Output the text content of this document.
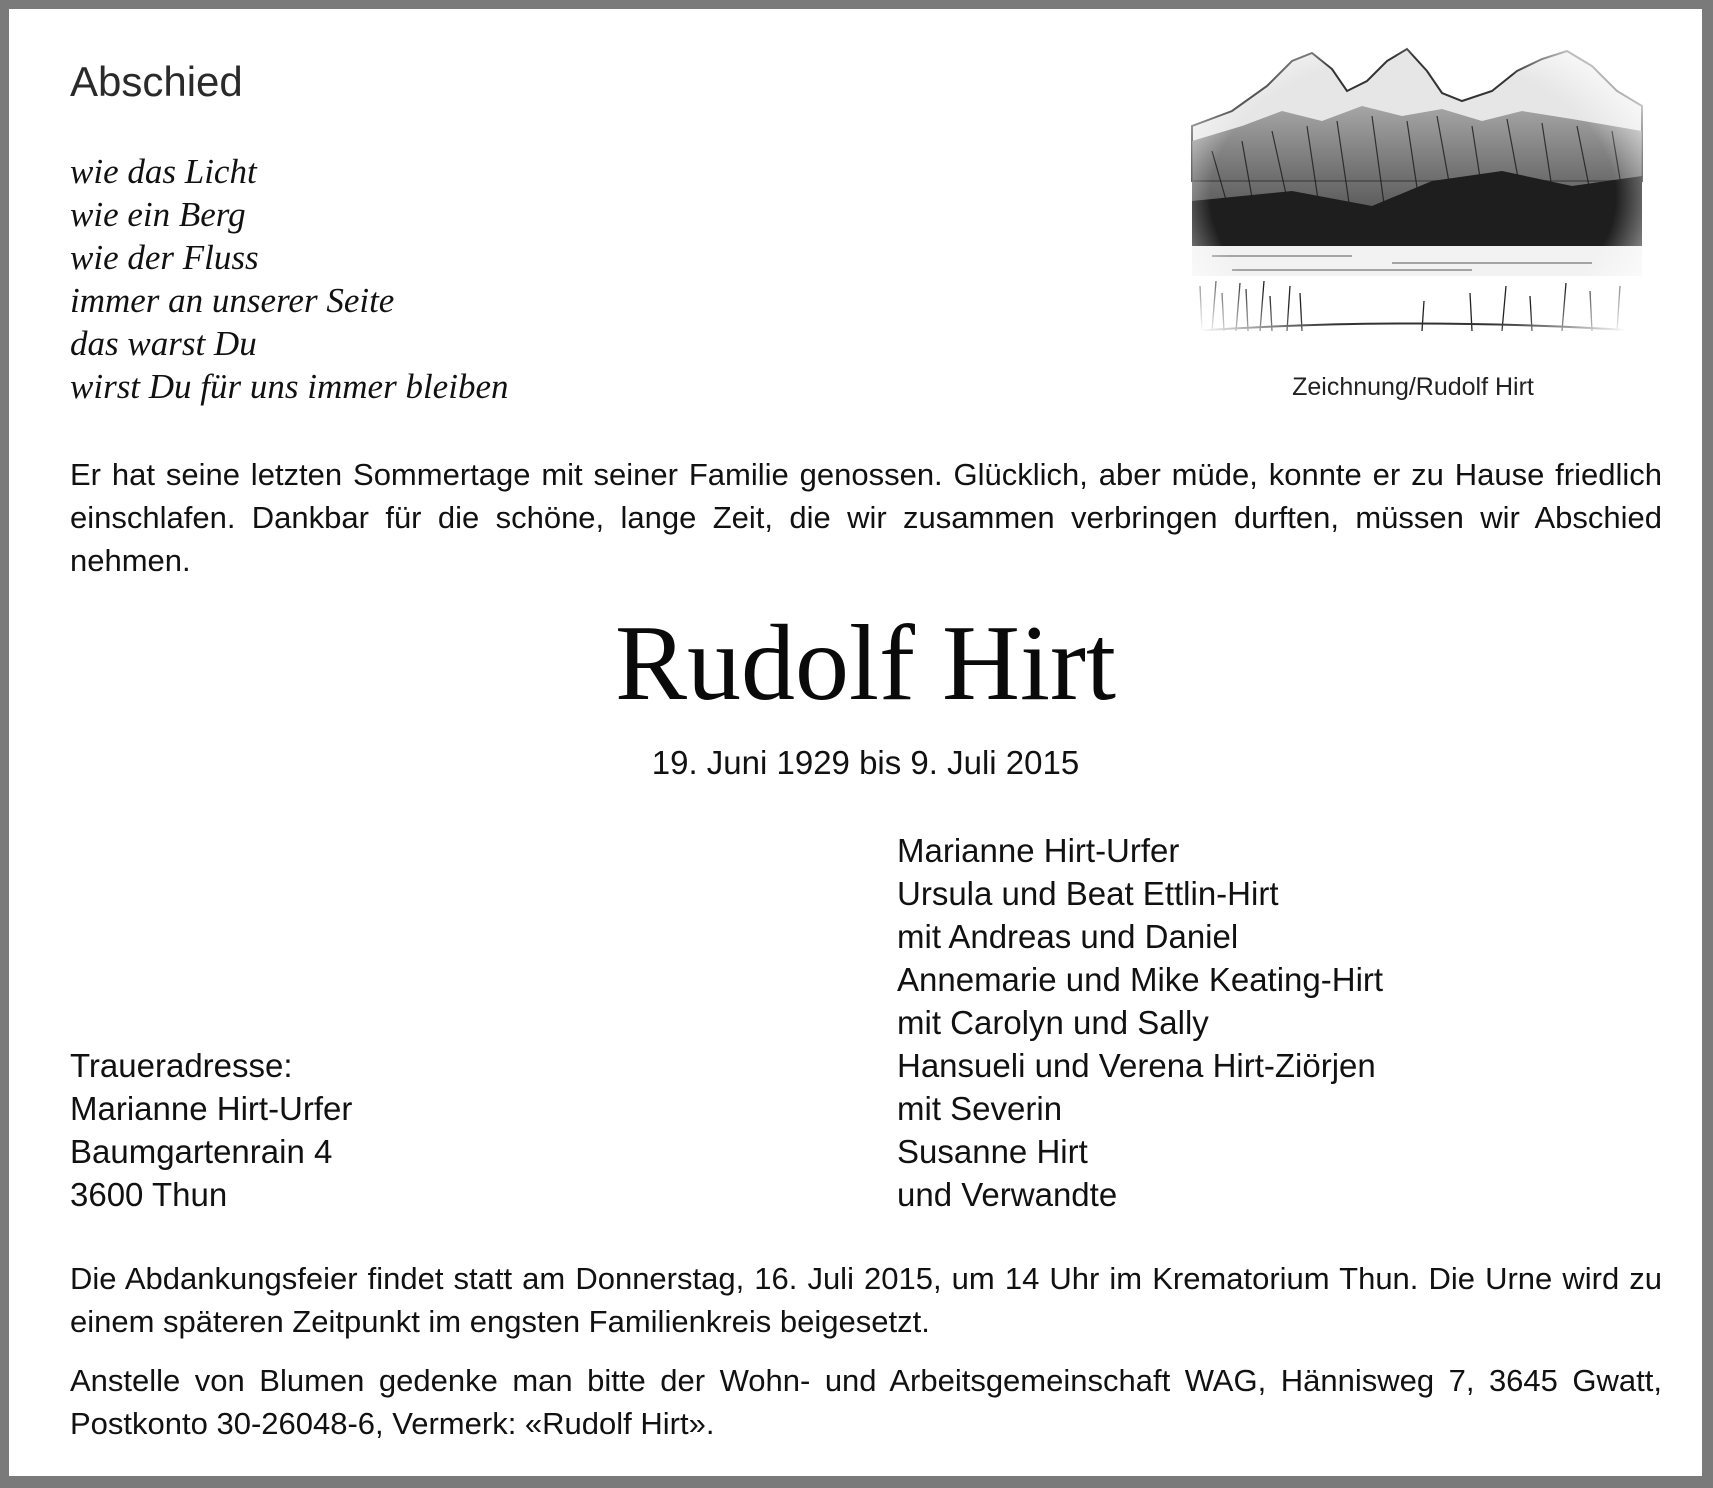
Abschied
wie das Licht
wie ein Berg
wie der Fluss
immer an unserer Seite
das warst Du
wirst Du für uns immer bleiben	Zeichnung/Rudolf Hirt

Er hat seine letzten Sommertage mit seiner Familie genossen. Glücklich, aber müde, konnte er zu Hause friedlich einschlafen. Dankbar für die schöne, lange Zeit, die wir zusammen verbringen durften, müssen wir Abschied nehmen.

Rudolf Hirt
19. Juni 1929 bis 9. Juli 2015
Marianne Hirt-Urfer
Ursula und Beat Ettlin-Hirt
mit Andreas und Daniel
Annemarie und Mike Keating-Hirt
mit Carolyn und Sally
Hansueli und Verena Hirt-Ziörjen
mit Severin
Susanne Hirt
und Verwandte
Traueradresse:
Marianne Hirt-Urfer
Baumgartenrain 4
3600 Thun

Die Abdankungsfeier findet statt am Donnerstag, 16. Juli 2015, um 14 Uhr im Krematorium Thun. Die Urne wird zu einem späteren Zeitpunkt im engsten Familienkreis beigesetzt.

Anstelle von Blumen gedenke man bitte der Wohn- und Arbeitsgemeinschaft WAG, Hännisweg 7, 3645 Gwatt, Postkonto 30-26048-6, Vermerk: «Rudolf Hirt».
